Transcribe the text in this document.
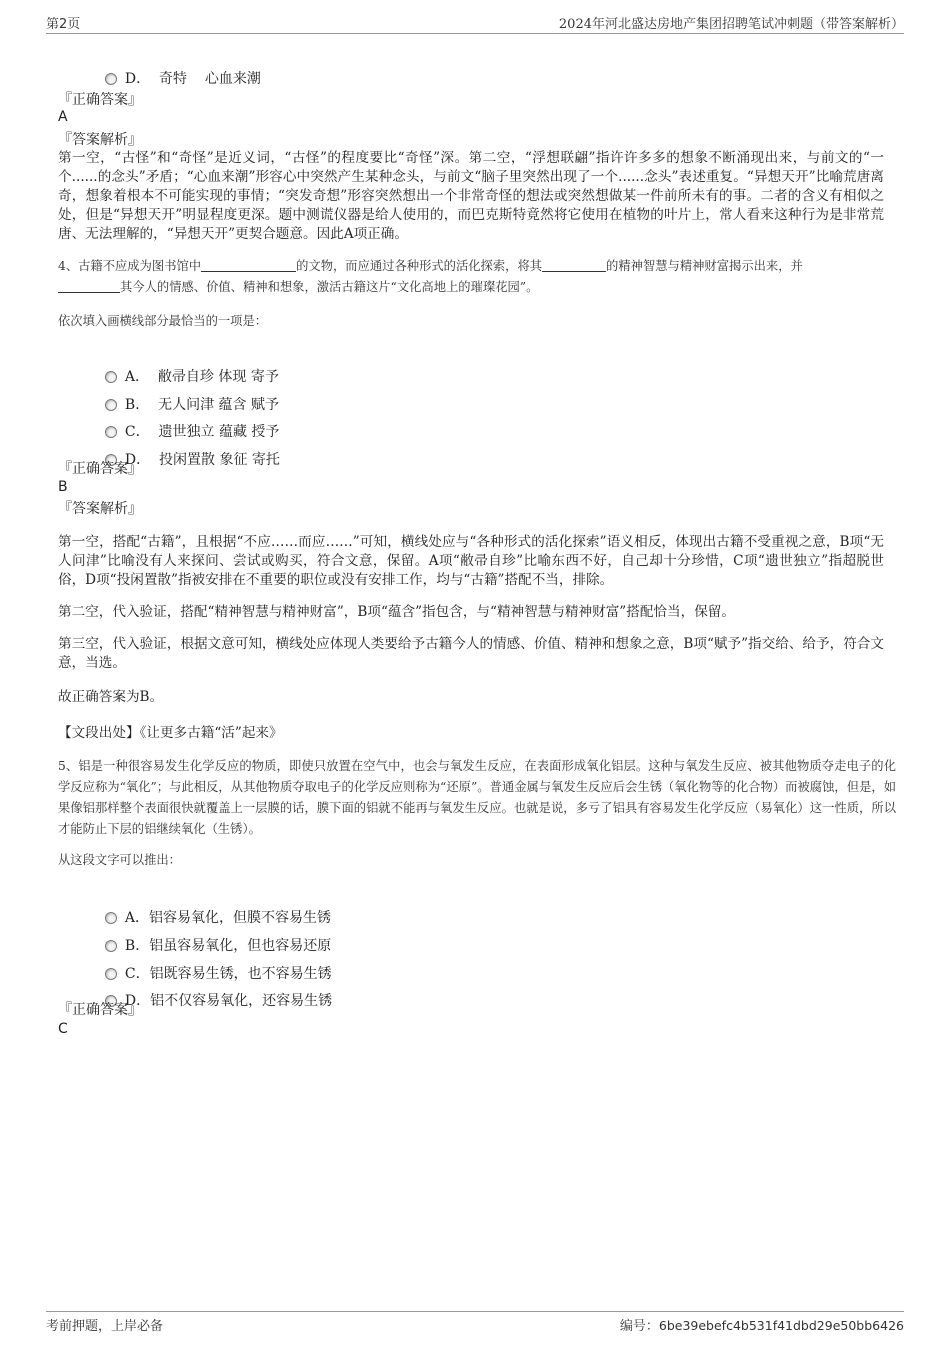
第2页	2024年河北盛达房地产集团招聘笔试冲刺题（带答案解析）

D．  奇特    心血来潮

『正确答案』
A
『答案解析』
第一空，“古怪”和“奇怪”是近义词，“古怪”的程度要比“奇怪”深。第二空，“浮想联翩”指许许多多的想象不断涌现出来，与前文的“一个......的念头”矛盾；“心血来潮”形容心中突然产生某种念头，与前文“脑子里突然出现了一个......念头”表述重复。“异想天开”比喻荒唐离奇，想象着根本不可能实现的事情；“突发奇想”形容突然想出一个非常奇怪的想法或突然想做某一件前所未有的事。二者的含义有相似之处，但是“异想天开”明显程度更深。题中测谎仪器是给人使用的，而巴克斯特竟然将它使用在植物的叶片上，常人看来这种行为是非常荒唐、无法理解的，“异想天开”更契合题意。因此A项正确。
4、古籍不应成为图书馆中	的文物，而应通过各种形式的活化探索，将其	的精神智慧与精神财富揭示出来，并
其今人的情感、价值、精神和想象，激活古籍这片“文化高地上的璀璨花园”。
依次填入画横线部分最恰当的一项是：

A．  敝帚自珍 体现 寄予

B．  无人问津 蕴含 赋予

C．  遗世独立 蕴藏 授予

D．  投闲置散 象征 寄托

『正确答案』
B
『答案解析』
第一空，搭配“古籍”，且根据“不应……而应……”可知，横线处应与“各种形式的活化探索”语义相反，体现出古籍不受重视之意，B项“无人问津”比喻没有人来探问、尝试或购买，符合文意，保留。A项“敝帚自珍”比喻东西不好，自己却十分珍惜，C项“遗世独立”指超脱世俗，D项“投闲置散”指被安排在不重要的职位或没有安排工作，均与“古籍”搭配不当，排除。
第二空，代入验证，搭配“精神智慧与精神财富”，B项“蕴含”指包含，与“精神智慧与精神财富”搭配恰当，保留。
第三空，代入验证，根据文意可知，横线处应体现人类要给予古籍今人的情感、价值、精神和想象之意，B项“赋予”指交给、给予，符合文意，当选。
故正确答案为B。
【文段出处】《让更多古籍“活”起来》
5、铝是一种很容易发生化学反应的物质，即使只放置在空气中，也会与氧发生反应，在表面形成氧化铝层。这种与氧发生反应、被其他物质夺走电子的化学反应称为“氧化”；与此相反，从其他物质夺取电子的化学反应则称为“还原”。普通金属与氧发生反应后会生锈（氧化物等的化合物）而被腐蚀，但是，如果像铝那样整个表面很快就覆盖上一层膜的话，膜下面的铝就不能再与氧发生反应。也就是说，多亏了铝具有容易发生化学反应（易氧化）这一性质，所以才能防止下层的铝继续氧化（生锈）。
从这段文字可以推出：

A．铝容易氧化，但膜不容易生锈

B．铝虽容易氧化，但也容易还原

C．铝既容易生锈，也不容易生锈

D．铝不仅容易氧化，还容易生锈

『正确答案』
C
考前押题，上岸必备	编号：6be39ebefc4b531f41dbd29e50bb6426
